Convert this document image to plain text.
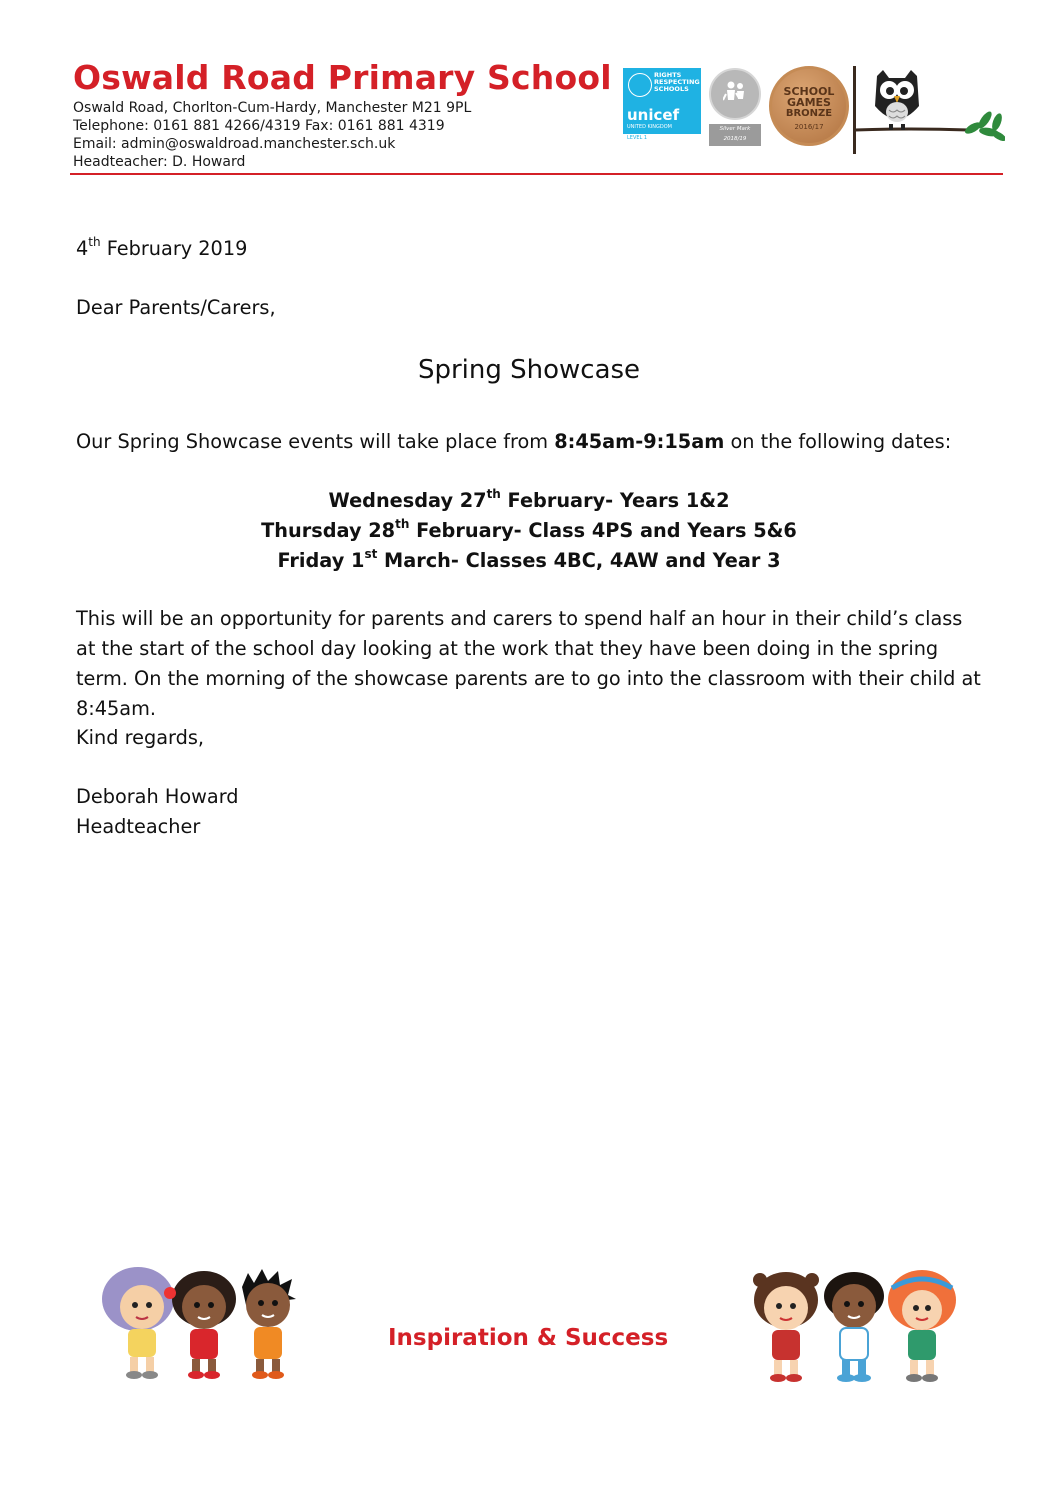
Oswald Road Primary School
Oswald Road, Chorlton-Cum-Hardy, Manchester M21 9PL
Telephone: 0161 881 4266/4319 Fax: 0161 881 4319
Email: admin@oswaldroad.manchester.sch.uk
Headteacher: D. Howard
RIGHTS RESPECTING SCHOOLS
unicef
UNITED KINGDOM
LEVEL 1
Silver Mark 2018/19
SCHOOL GAMES
BRONZE
2016/17

4th February 2019

Dear Parents/Carers,

Spring Showcase

Our Spring Showcase events will take place from 8:45am-9:15am on the following dates:

Wednesday 27th February- Years 1&2
Thursday 28th February- Class 4PS and Years 5&6
Friday 1st March- Classes 4BC, 4AW and Year 3

This will be an opportunity for parents and carers to spend half an hour in their child’s class at the start of the school day looking at the work that they have been doing in the spring term. On the morning of the showcase parents are to go into the classroom with their child at 8:45am.

Kind regards,

Deborah Howard

Headteacher

Inspiration & Success
